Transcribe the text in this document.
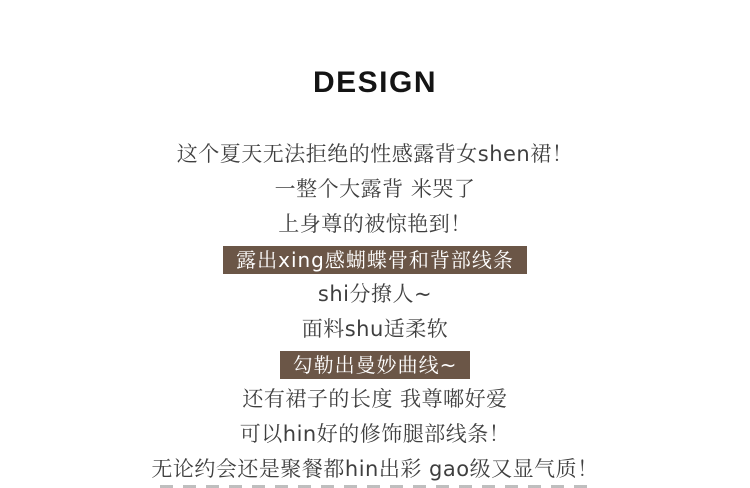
DESIGN
这个夏天无法拒绝的性感露背女shen裙！
一整个大露背 米哭了
上身尊的被惊艳到！
露出xing感蝴蝶骨和背部线条
shi分撩人~
面料shu适柔软
勾勒出曼妙曲线~
还有裙子的长度 我尊嘟好爱
可以hin好的修饰腿部线条！
无论约会还是聚餐都hin出彩 gao级又显气质！
